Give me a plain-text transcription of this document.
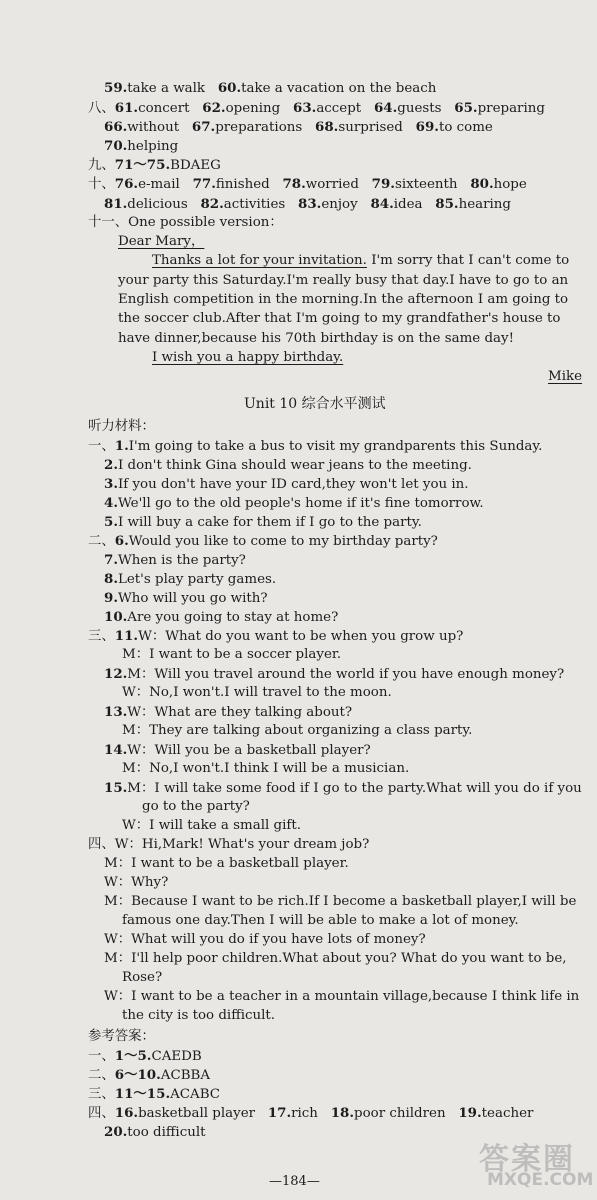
59.take a walk 60.take a vacation on the beach
八、61.concert 62.opening 63.accept 64.guests 65.preparing
66.without 67.preparations 68.surprised 69.to come
70.helping
九、71～75.BDAEG
十、76.e-mail 77.finished 78.worried 79.sixteenth 80.hope
81.delicious 82.activities 83.enjoy 84.idea 85.hearing
十一、One possible version：
Dear Mary，
Thanks a lot for your invitation. I'm sorry that I can't come to
your party this Saturday.I'm really busy that day.I have to go to an
English competition in the morning.In the afternoon I am going to
the soccer club.After that I'm going to my grandfather's house to
have dinner,because his 70th birthday is on the same day!
I wish you a happy birthday.
Mike
Unit 10 综合水平测试
听力材料：
一、1.I'm going to take a bus to visit my grandparents this Sunday.
2.I don't think Gina should wear jeans to the meeting.
3.If you don't have your ID card,they won't let you in.
4.We'll go to the old people's home if it's fine tomorrow.
5.I will buy a cake for them if I go to the party.
二、6.Would you like to come to my birthday party?
7.When is the party?
8.Let's play party games.
9.Who will you go with?
10.Are you going to stay at home?
三、11.W：What do you want to be when you grow up?
M：I want to be a soccer player.
12.M：Will you travel around the world if you have enough money?
W：No,I won't.I will travel to the moon.
13.W：What are they talking about?
M：They are talking about organizing a class party.
14.W：Will you be a basketball player?
M：No,I won't.I think I will be a musician.
15.M：I will take some food if I go to the party.What will you do if you
go to the party?
W：I will take a small gift.
四、W：Hi,Mark! What's your dream job?
M：I want to be a basketball player.
W：Why?
M：Because I want to be rich.If I become a basketball player,I will be
famous one day.Then I will be able to make a lot of money.
W：What will you do if you have lots of money?
M：I'll help poor children.What about you? What do you want to be,
Rose?
W：I want to be a teacher in a mountain village,because I think life in
the city is too difficult.
参考答案：
一、1～5.CAEDB
二、6～10.ACBBA
三、11～15.ACABC
四、16.basketball player 17.rich 18.poor children 19.teacher
20.too difficult
—184—
答案圈
MXQE.COM
